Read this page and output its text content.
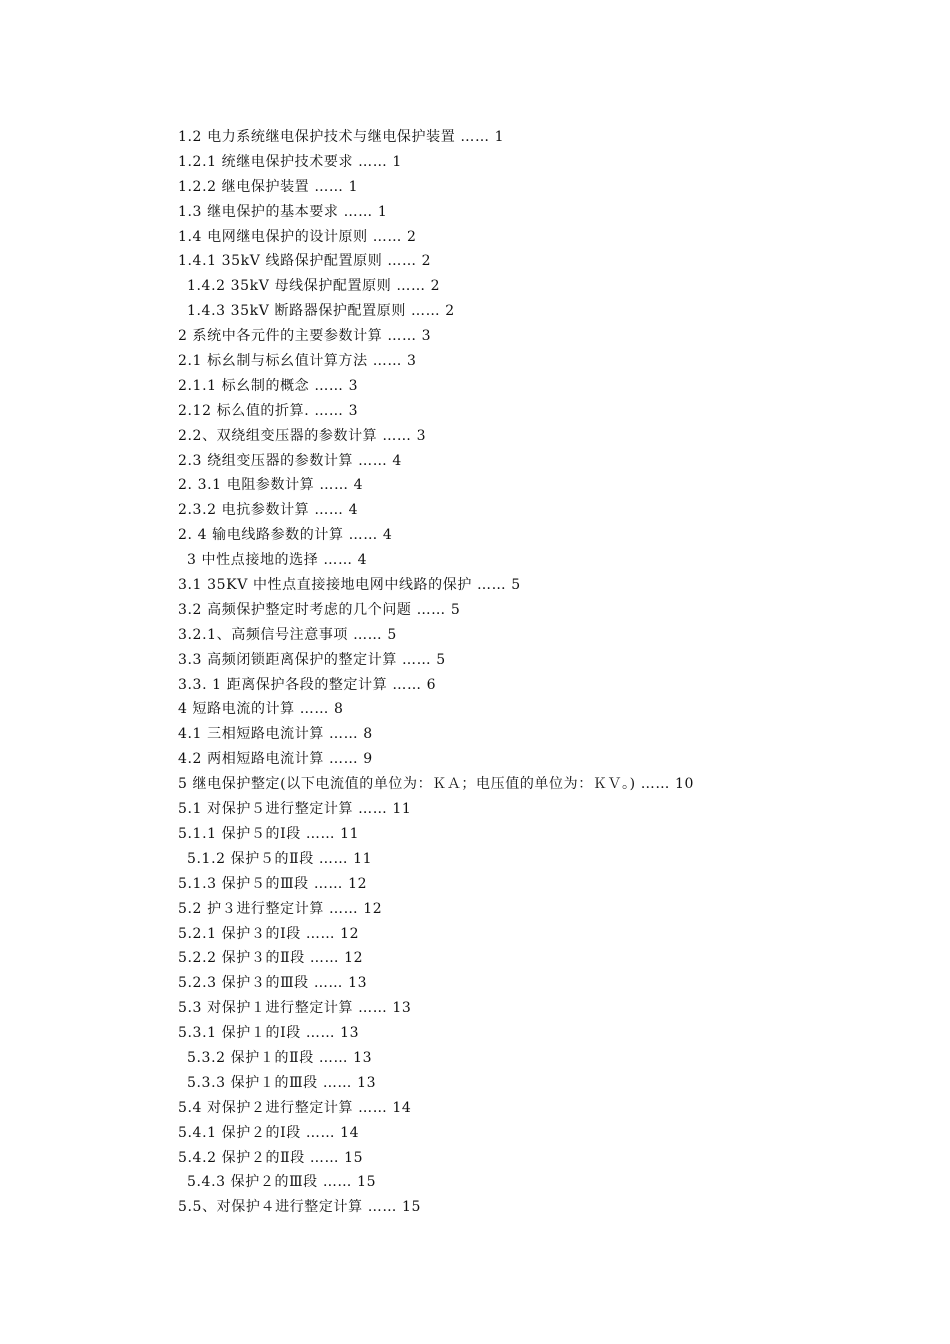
1.2 电力系统继电保护技术与继电保护装置 …… 1
1.2.1 统继电保护技术要求 …… 1
1.2.2 继电保护装置 …… 1
1.3 继电保护的基本要求 …… 1
1.4 电网继电保护的设计原则 …… 2
1.4.1 35kV 线路保护配置原则 …… 2
1.4.2 35kV 母线保护配置原则 …… 2
1.4.3 35kV 断路器保护配置原则 …… 2
2 系统中各元件的主要参数计算 …… 3
2.1 标幺制与标幺值计算方法 …… 3
2.1.1 标幺制的概念 …… 3
2.12 标么值的折算. …… 3
2.2、双绕组变压器的参数计算 …… 3
2.3 绕组变压器的参数计算 …… 4
2. 3.1 电阻参数计算 …… 4
2.3.2 电抗参数计算 …… 4
2. 4 输电线路参数的计算 …… 4
3 中性点接地的选择 …… 4
3.1 35KV 中性点直接接地电网中线路的保护 …… 5
3.2 高频保护整定时考虑的几个问题 …… 5
3.2.1、高频信号注意事项 …… 5
3.3 高频闭锁距离保护的整定计算 …… 5
3.3. 1 距离保护各段的整定计算 …… 6
4 短路电流的计算 …… 8
4.1 三相短路电流计算 …… 8
4.2 两相短路电流计算 …… 9
5 继电保护整定(以下电流值的单位为：ＫＡ；电压值的单位为：ＫＶ。) …… 10
5.1 对保护５进行整定计算 …… 11
5.1.1 保护５的Ⅰ段 …… 11
5.1.2 保护５的Ⅱ段 …… 11
5.1.3 保护５的Ⅲ段 …… 12
5.2 护３进行整定计算 …… 12
5.2.1 保护３的Ⅰ段 …… 12
5.2.2 保护３的Ⅱ段 …… 12
5.2.3 保护３的Ⅲ段 …… 13
5.3 对保护１进行整定计算 …… 13
5.3.1 保护１的Ⅰ段 …… 13
5.3.2 保护１的Ⅱ段 …… 13
5.3.3 保护１的Ⅲ段 …… 13
5.4 对保护２进行整定计算 …… 14
5.4.1 保护２的Ⅰ段 …… 14
5.4.2 保护２的Ⅱ段 …… 15
5.4.3 保护２的Ⅲ段 …… 15
5.5、对保护４进行整定计算 …… 15
